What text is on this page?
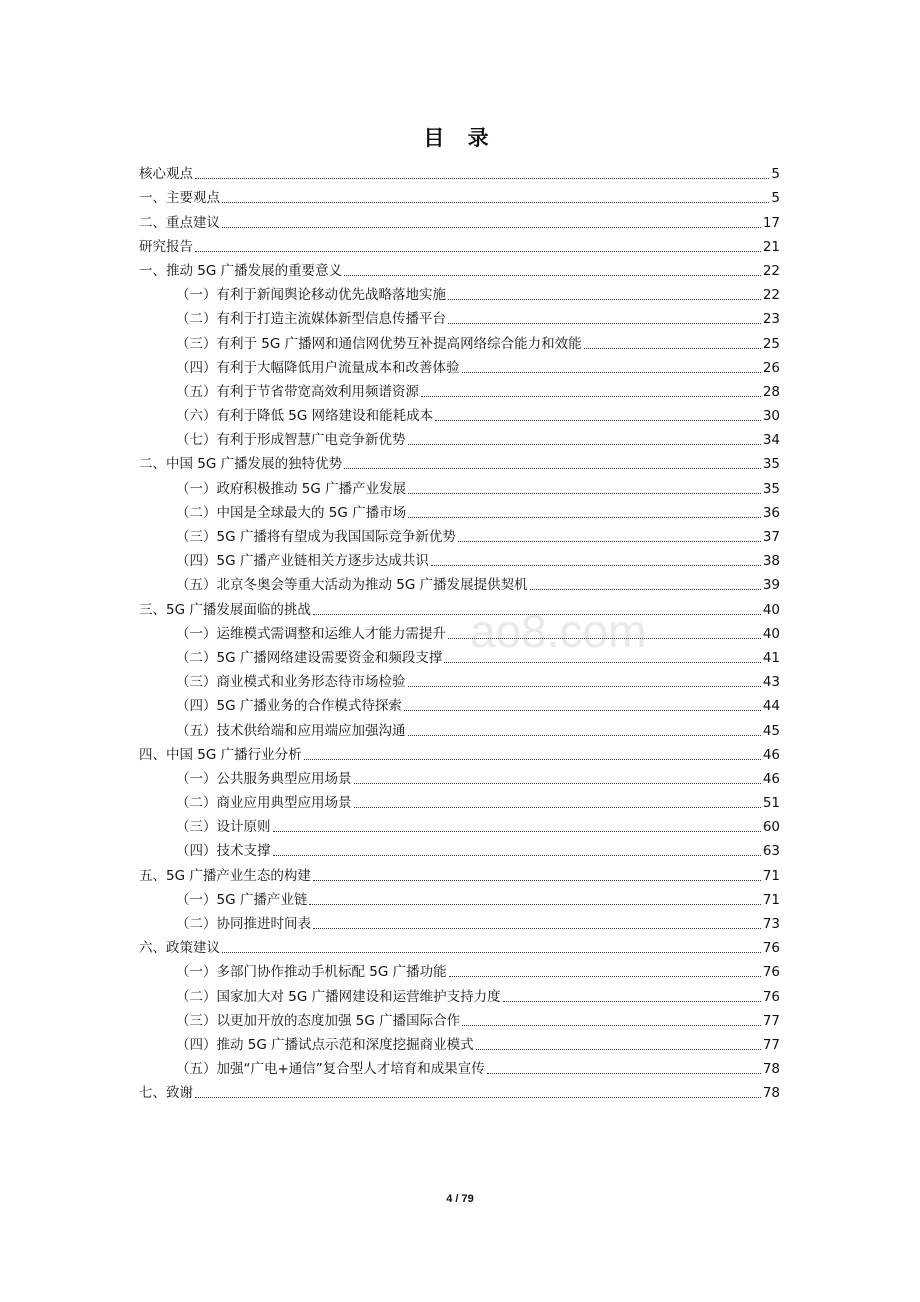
目 录
ao8.com
核心观点	5
一、主要观点	5
二、重点建议	17
研究报告	21
一、推动 5G 广播发展的重要意义	22
（一）有利于新闻舆论移动优先战略落地实施	22
（二）有利于打造主流媒体新型信息传播平台	23
（三）有利于 5G 广播网和通信网优势互补提高网络综合能力和效能	25
（四）有利于大幅降低用户流量成本和改善体验	26
（五）有利于节省带宽高效利用频谱资源	28
（六）有利于降低 5G 网络建设和能耗成本	30
（七）有利于形成智慧广电竞争新优势	34
二、中国 5G 广播发展的独特优势	35
（一）政府积极推动 5G 广播产业发展	35
（二）中国是全球最大的 5G 广播市场	36
（三）5G 广播将有望成为我国国际竞争新优势	37
（四）5G 广播产业链相关方逐步达成共识	38
（五）北京冬奥会等重大活动为推动 5G 广播发展提供契机	39
三、5G 广播发展面临的挑战	40
（一）运维模式需调整和运维人才能力需提升	40
（二）5G 广播网络建设需要资金和频段支撑	41
（三）商业模式和业务形态待市场检验	43
（四）5G 广播业务的合作模式待探索	44
（五）技术供给端和应用端应加强沟通	45
四、中国 5G 广播行业分析	46
（一）公共服务典型应用场景	46
（二）商业应用典型应用场景	51
（三）设计原则	60
（四）技术支撑	63
五、5G 广播产业生态的构建	71
（一）5G 广播产业链	71
（二）协同推进时间表	73
六、政策建议	76
（一）多部门协作推动手机标配 5G 广播功能	76
（二）国家加大对 5G 广播网建设和运营维护支持力度	76
（三）以更加开放的态度加强 5G 广播国际合作	77
（四）推动 5G 广播试点示范和深度挖掘商业模式	77
（五）加强“广电+通信”复合型人才培育和成果宣传	78
七、致谢	78
4 / 79
